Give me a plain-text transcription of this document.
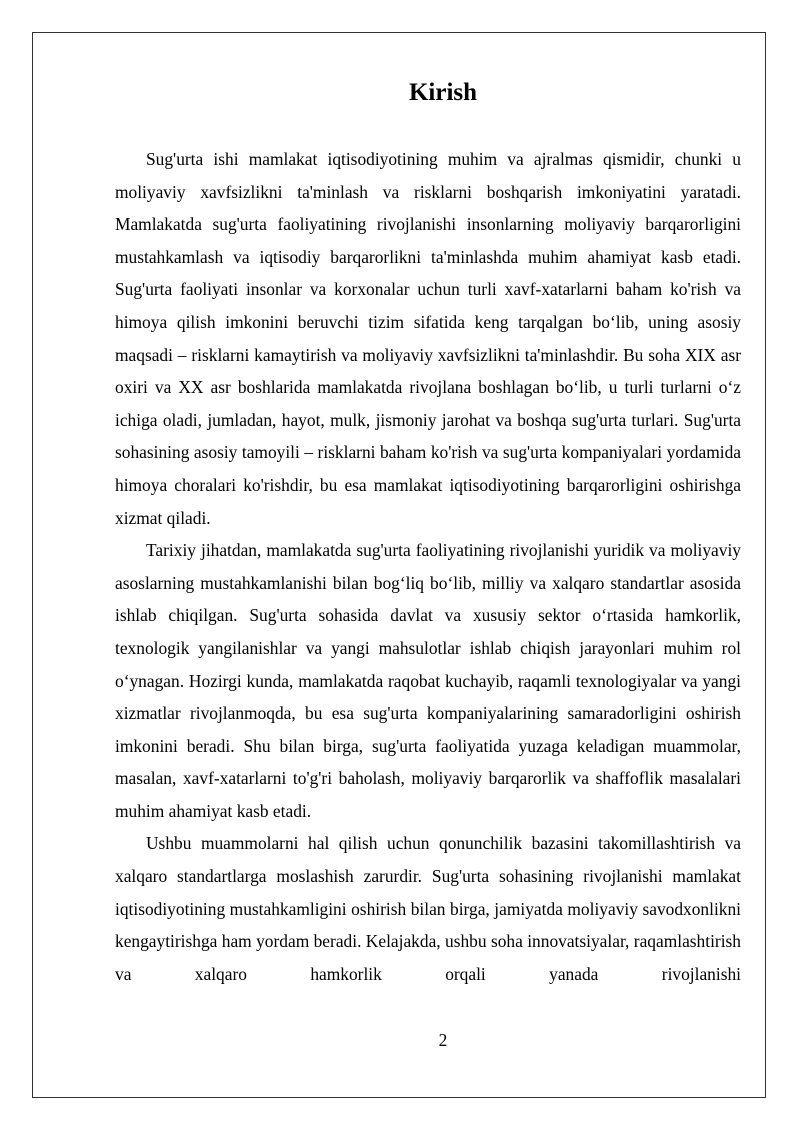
Kirish

Sug'urta ishi mamlakat iqtisodiyotining muhim va ajralmas qismidir, chunki u moliyaviy xavfsizlikni ta'minlash va risklarni boshqarish imkoniyatini yaratadi. Mamlakatda sug'urta faoliyatining rivojlanishi insonlarning moliyaviy barqarorligini mustahkamlash va iqtisodiy barqarorlikni ta'minlashda muhim ahamiyat kasb etadi. Sug'urta faoliyati insonlar va korxonalar uchun turli xavf-xatarlarni baham ko'rish va himoya qilish imkonini beruvchi tizim sifatida keng tarqalgan bo‘lib, uning asosiy maqsadi – risklarni kamaytirish va moliyaviy xavfsizlikni ta'minlashdir. Bu soha XIX asr oxiri va XX asr boshlarida mamlakatda rivojlana boshlagan bo‘lib, u turli turlarni o‘z ichiga oladi, jumladan, hayot, mulk, jismoniy jarohat va boshqa sug'urta turlari. Sug'urta sohasining asosiy tamoyili – risklarni baham ko'rish va sug'urta kompaniyalari yordamida himoya choralari ko'rishdir, bu esa mamlakat iqtisodiyotining barqarorligini oshirishga xizmat qiladi.

Tarixiy jihatdan, mamlakatda sug'urta faoliyatining rivojlanishi yuridik va moliyaviy asoslarning mustahkamlanishi bilan bog‘liq bo‘lib, milliy va xalqaro standartlar asosida ishlab chiqilgan. Sug'urta sohasida davlat va xususiy sektor o‘rtasida hamkorlik, texnologik yangilanishlar va yangi mahsulotlar ishlab chiqish jarayonlari muhim rol o‘ynagan. Hozirgi kunda, mamlakatda raqobat kuchayib, raqamli texnologiyalar va yangi xizmatlar rivojlanmoqda, bu esa sug'urta kompaniyalarining samaradorligini oshirish imkonini beradi. Shu bilan birga, sug'urta faoliyatida yuzaga keladigan muammolar, masalan, xavf-xatarlarni to'g'ri baholash, moliyaviy barqarorlik va shaffoflik masalalari muhim ahamiyat kasb etadi.

Ushbu muammolarni hal qilish uchun qonunchilik bazasini takomillashtirish va xalqaro standartlarga moslashish zarurdir. Sug'urta sohasining rivojlanishi mamlakat iqtisodiyotining mustahkamligini oshirish bilan birga, jamiyatda moliyaviy savodxonlikni kengaytirishga ham yordam beradi. Kelajakda, ushbu soha innovatsiyalar, raqamlashtirish va xalqaro hamkorlik orqali yanada rivojlanishi

2
